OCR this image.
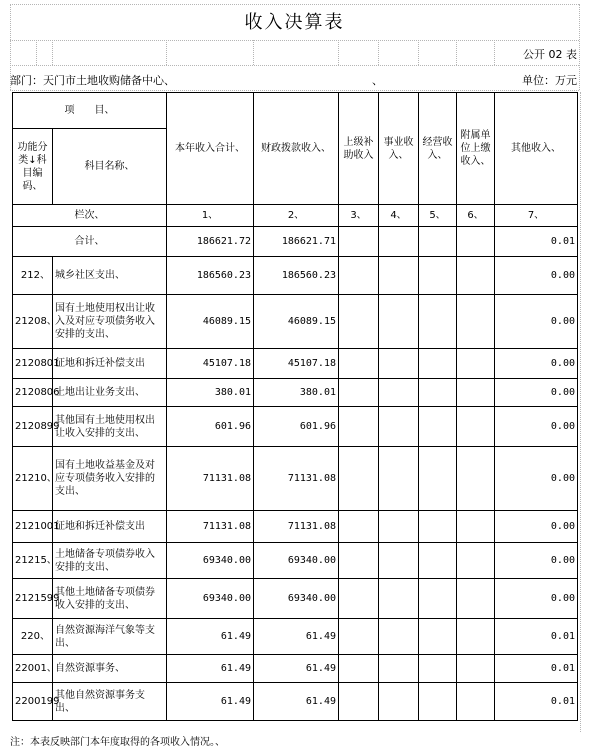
收入决算表
公开 02 表
部门：天门市土地收购储备中心、	、	单位：万元
项　　目、		本年收入合计、	财政拨款收入、	上级补助收入	事业收入、	经营收入、	附属单位上缴收入、	其他收入、
功能分类↓科目编码、	科目名称、							
栏次、		1、	2、	3、	4、	5、	6、	7、
合计、		186621.72	186621.71					0.01
212、	城乡社区支出、	186560.23	186560.23					0.00
21208、	国有土地使用权出让收入及对应专项债务收入安排的支出、	46089.15	46089.15					0.00
2120801	征地和拆迁补偿支出	45107.18	45107.18					0.00
2120806	土地出让业务支出、	380.01	380.01					0.00
2120899	其他国有土地使用权出让收入安排的支出、	601.96	601.96					0.00
21210、	国有土地收益基金及对应专项债务收入安排的支出、	71131.08	71131.08					0.00
2121001	征地和拆迁补偿支出	71131.08	71131.08					0.00
21215、	土地储备专项债券收入安排的支出、	69340.00	69340.00					0.00
2121599	其他土地储备专项债券收入安排的支出、	69340.00	69340.00					0.00
220、	自然资源海洋气象等支出、	61.49	61.49					0.01
22001、	自然资源事务、	61.49	61.49					0.01
2200199	其他自然资源事务支出、	61.49	61.49					0.01
注：本表反映部门本年度取得的各项收入情况。、
